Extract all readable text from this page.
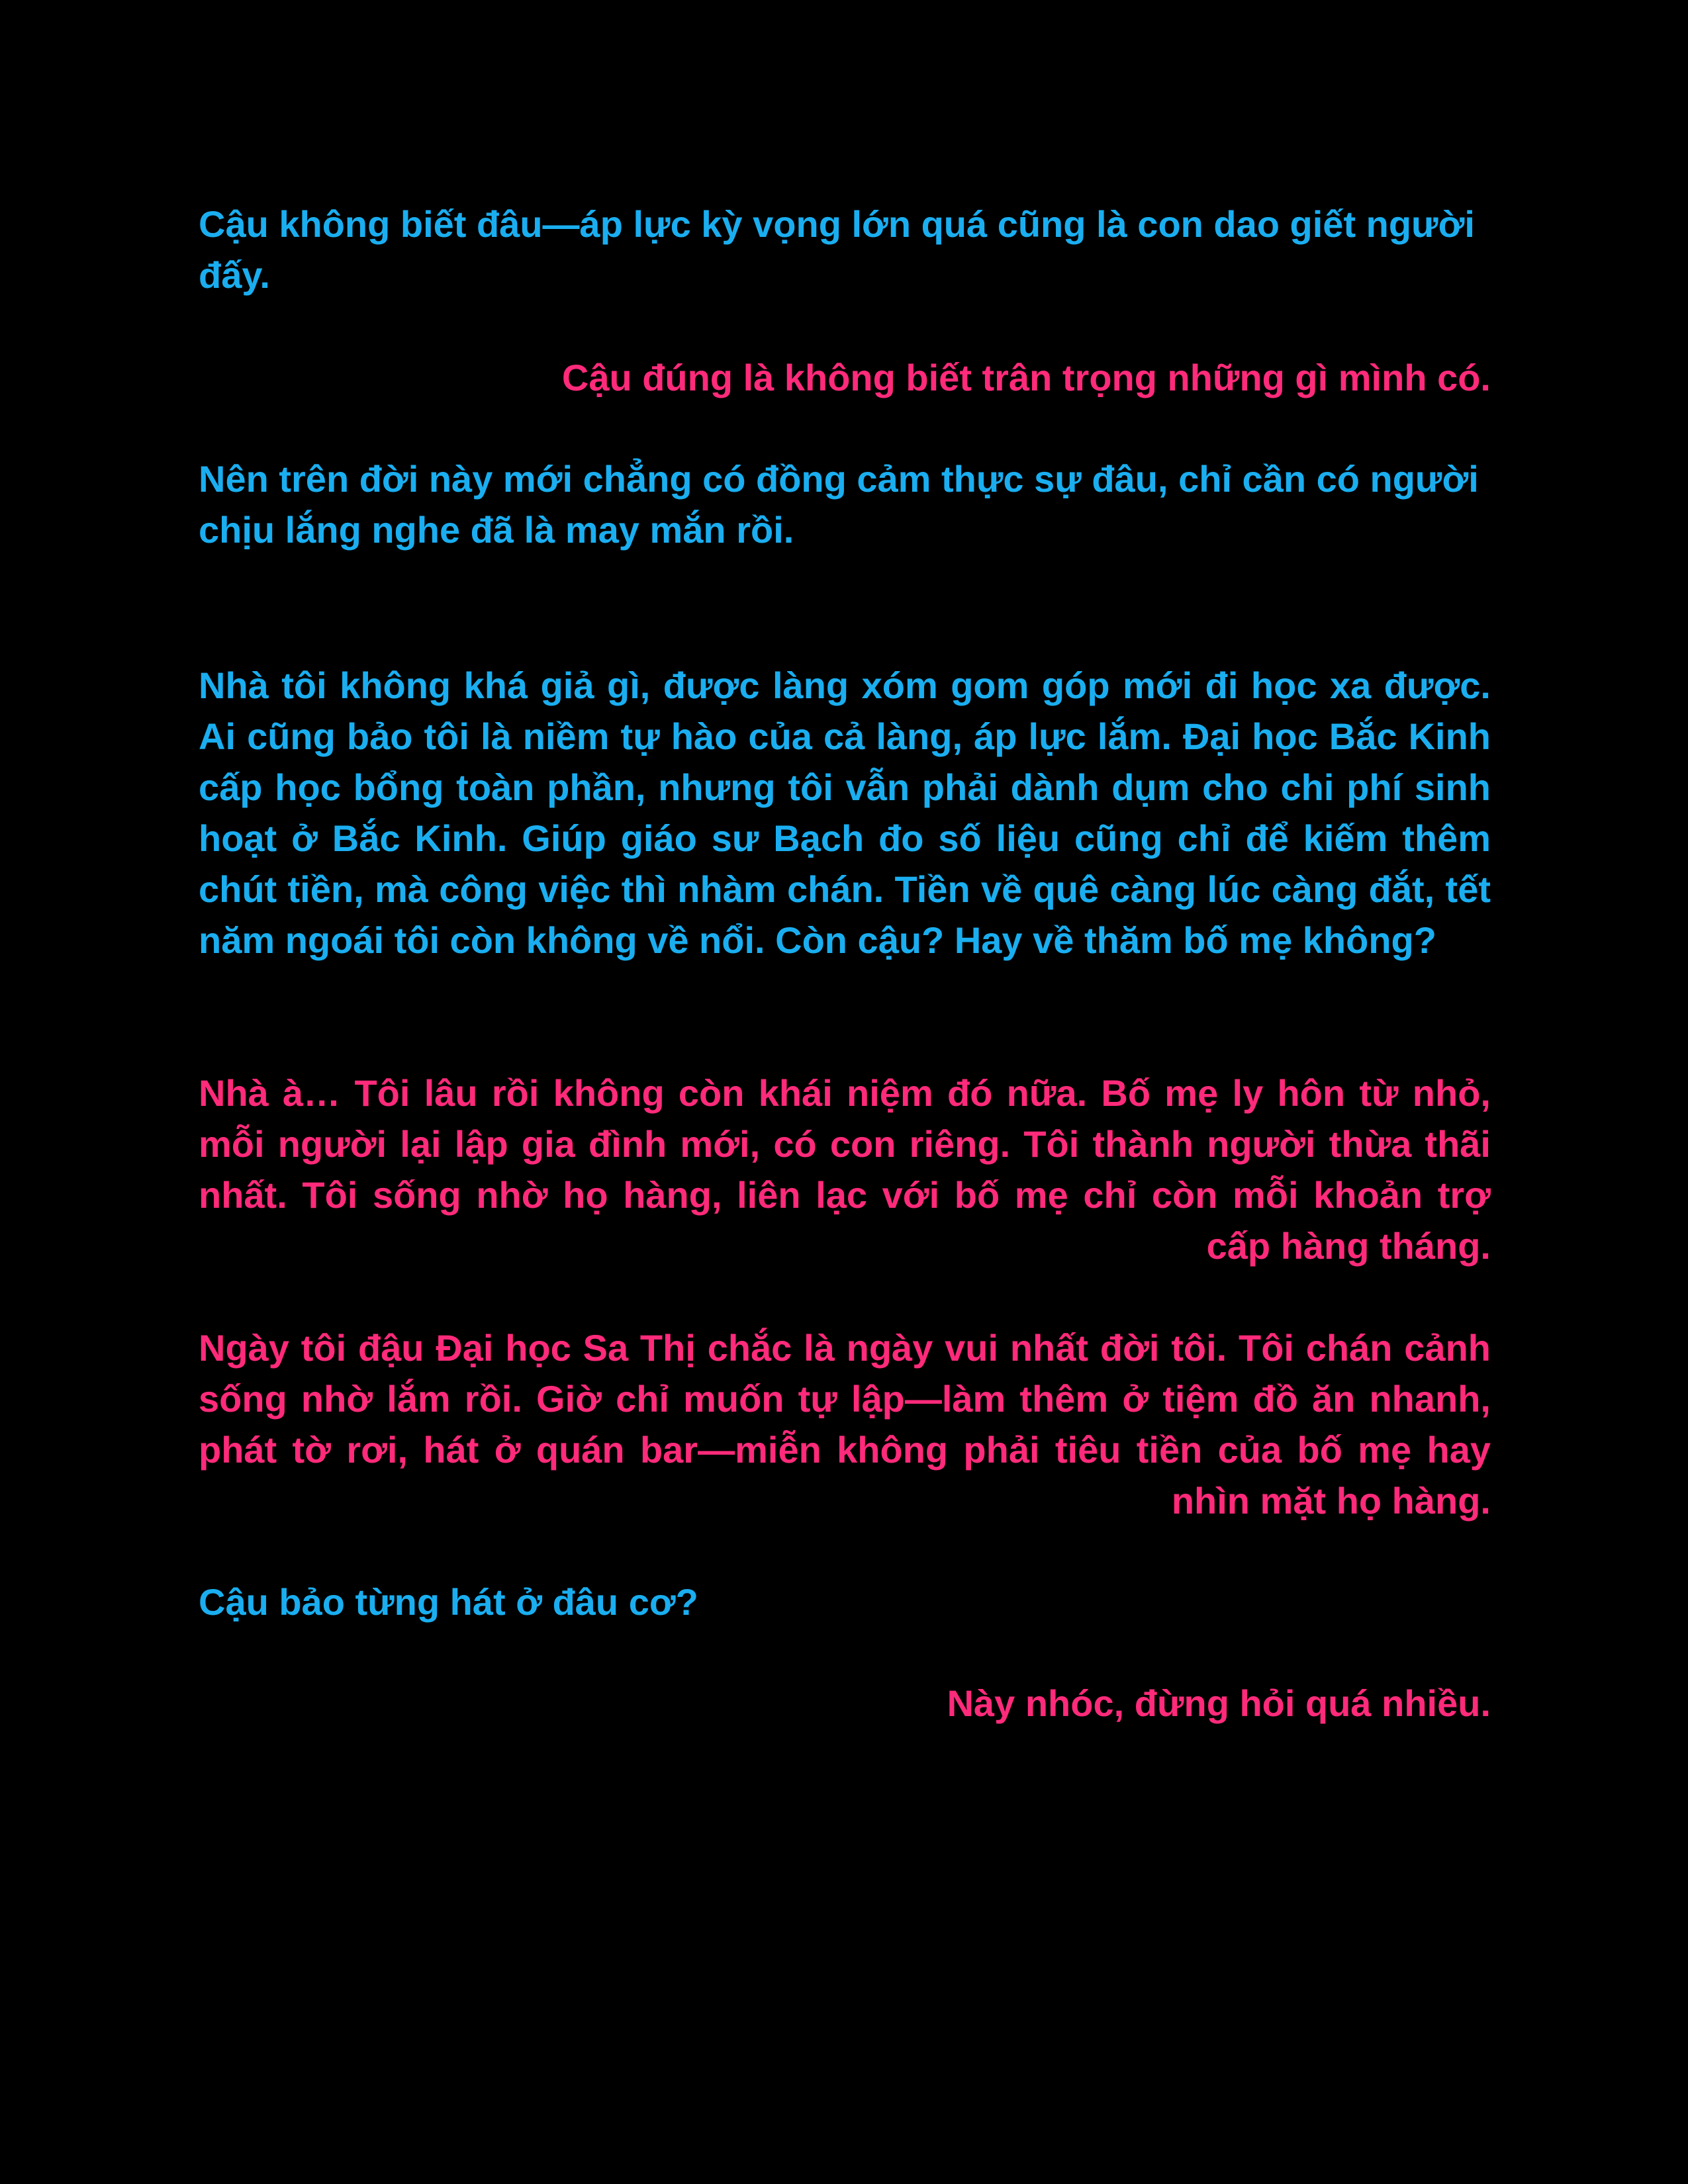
Cậu không biết đâu—áp lực kỳ vọng lớn quá cũng là con dao giết người đấy.

Cậu đúng là không biết trân trọng những gì mình có.

Nên trên đời này mới chẳng có đồng cảm thực sự đâu, chỉ cần có người chịu lắng nghe đã là may mắn rồi.

Nhà tôi không khá giả gì, được làng xóm gom góp mới đi học xa được. Ai cũng bảo tôi là niềm tự hào của cả làng, áp lực lắm. Đại học Bắc Kinh cấp học bổng toàn phần, nhưng tôi vẫn phải dành dụm cho chi phí sinh hoạt ở Bắc Kinh. Giúp giáo sư Bạch đo số liệu cũng chỉ để kiếm thêm chút tiền, mà công việc thì nhàm chán. Tiền về quê càng lúc càng đắt, tết năm ngoái tôi còn không về nổi. Còn cậu? Hay về thăm bố mẹ không?

Nhà à… Tôi lâu rồi không còn khái niệm đó nữa. Bố mẹ ly hôn từ nhỏ, mỗi người lại lập gia đình mới, có con riêng. Tôi thành người thừa thãi nhất. Tôi sống nhờ họ hàng, liên lạc với bố mẹ chỉ còn mỗi khoản trợ cấp hàng tháng.

Ngày tôi đậu Đại học Sa Thị chắc là ngày vui nhất đời tôi. Tôi chán cảnh sống nhờ lắm rồi. Giờ chỉ muốn tự lập—làm thêm ở tiệm đồ ăn nhanh, phát tờ rơi, hát ở quán bar—miễn không phải tiêu tiền của bố mẹ hay nhìn mặt họ hàng.

Cậu bảo từng hát ở đâu cơ?

Này nhóc, đừng hỏi quá nhiều.
